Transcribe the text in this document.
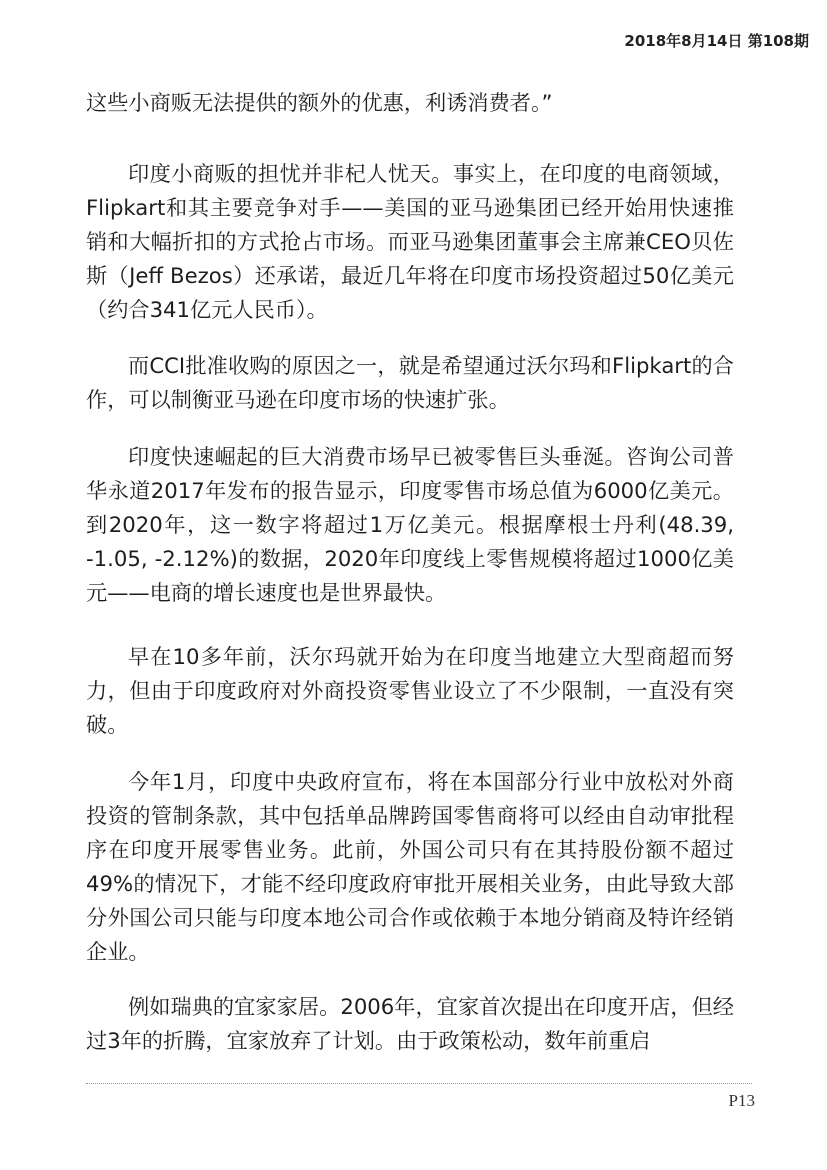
2018年8月14日 第108期

这些小商贩无法提供的额外的优惠，利诱消费者。”

印度小商贩的担忧并非杞人忧天。事实上，在印度的电商领域，Flipkart和其主要竞争对手——美国的亚马逊集团已经开始用快速推销和大幅折扣的方式抢占市场。而亚马逊集团董事会主席兼CEO贝佐斯（Jeff Bezos）还承诺，最近几年将在印度市场投资超过50亿美元（约合341亿元人民币）。

而CCI批准收购的原因之一，就是希望通过沃尔玛和Flipkart的合作，可以制衡亚马逊在印度市场的快速扩张。

印度快速崛起的巨大消费市场早已被零售巨头垂涎。咨询公司普华永道2017年发布的报告显示，印度零售市场总值为6000亿美元。到2020年，这一数字将超过1万亿美元。根据摩根士丹利(48.39, -1.05, -2.12%)的数据，2020年印度线上零售规模将超过1000亿美元——电商的增长速度也是世界最快。

早在10多年前，沃尔玛就开始为在印度当地建立大型商超而努力，但由于印度政府对外商投资零售业设立了不少限制，一直没有突破。

今年1月，印度中央政府宣布，将在本国部分行业中放松对外商投资的管制条款，其中包括单品牌跨国零售商将可以经由自动审批程序在印度开展零售业务。此前，外国公司只有在其持股份额不超过49%的情况下，才能不经印度政府审批开展相关业务，由此导致大部分外国公司只能与印度本地公司合作或依赖于本地分销商及特许经销企业。

例如瑞典的宜家家居。2006年，宜家首次提出在印度开店，但经过3年的折腾，宜家放弃了计划。由于政策松动，数年前重启

P13
